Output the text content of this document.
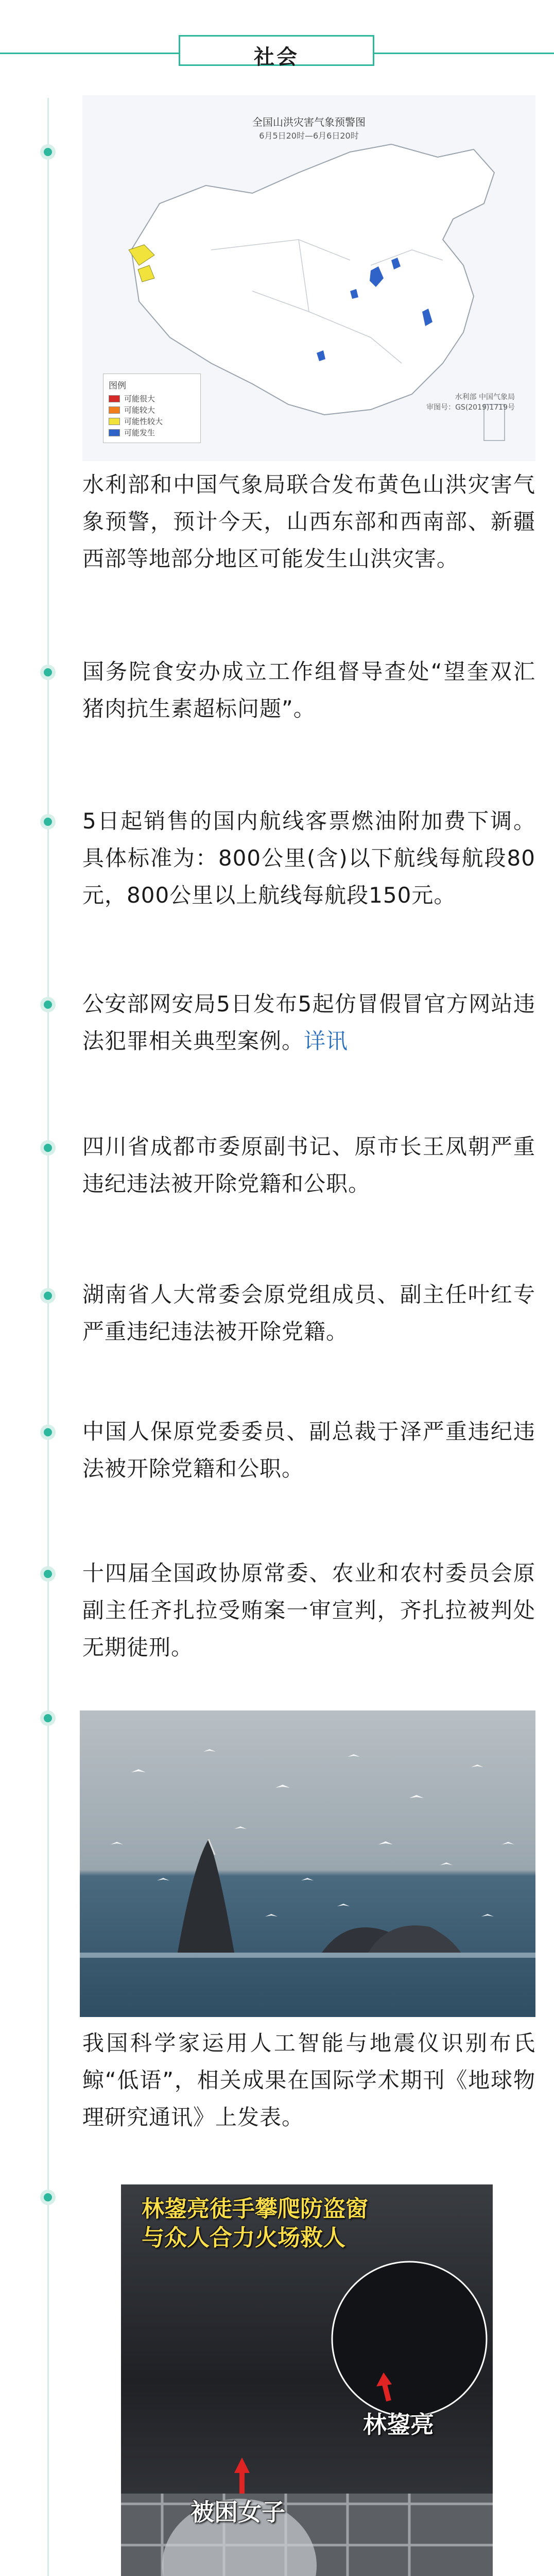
社会
全国山洪灾害气象预警图
6月5日20时—6月6日20时
图例
可能很大
可能较大
可能性较大
可能发生
水利部 中国气象局
审图号：GS(2019)1719号
水利部和中国气象局联合发布黄色山洪灾害气象预警，预计今天，山西东部和西南部、新疆西部等地部分地区可能发生山洪灾害。
国务院食安办成立工作组督导查处“望奎双汇猪肉抗生素超标问题”。
5日起销售的国内航线客票燃油附加费下调。具体标准为：800公里(含)以下航线每航段80元，800公里以上航线每航段150元。
公安部网安局5日发布5起仿冒假冒官方网站违法犯罪相关典型案例。详讯
四川省成都市委原副书记、原市长王凤朝严重违纪违法被开除党籍和公职。
湖南省人大常委会原党组成员、副主任叶红专严重违纪违法被开除党籍。
中国人保原党委委员、副总裁于泽严重违纪违法被开除党籍和公职。
十四届全国政协原常委、农业和农村委员会原副主任齐扎拉受贿案一审宣判，齐扎拉被判处无期徒刑。
我国科学家运用人工智能与地震仪识别布氏鲸“低语”，相关成果在国际学术期刊《地球物理研究通讯》上发表。
林鋆亮徒手攀爬防盗窗
与众人合力火场救人
林鋆亮
被困女子
